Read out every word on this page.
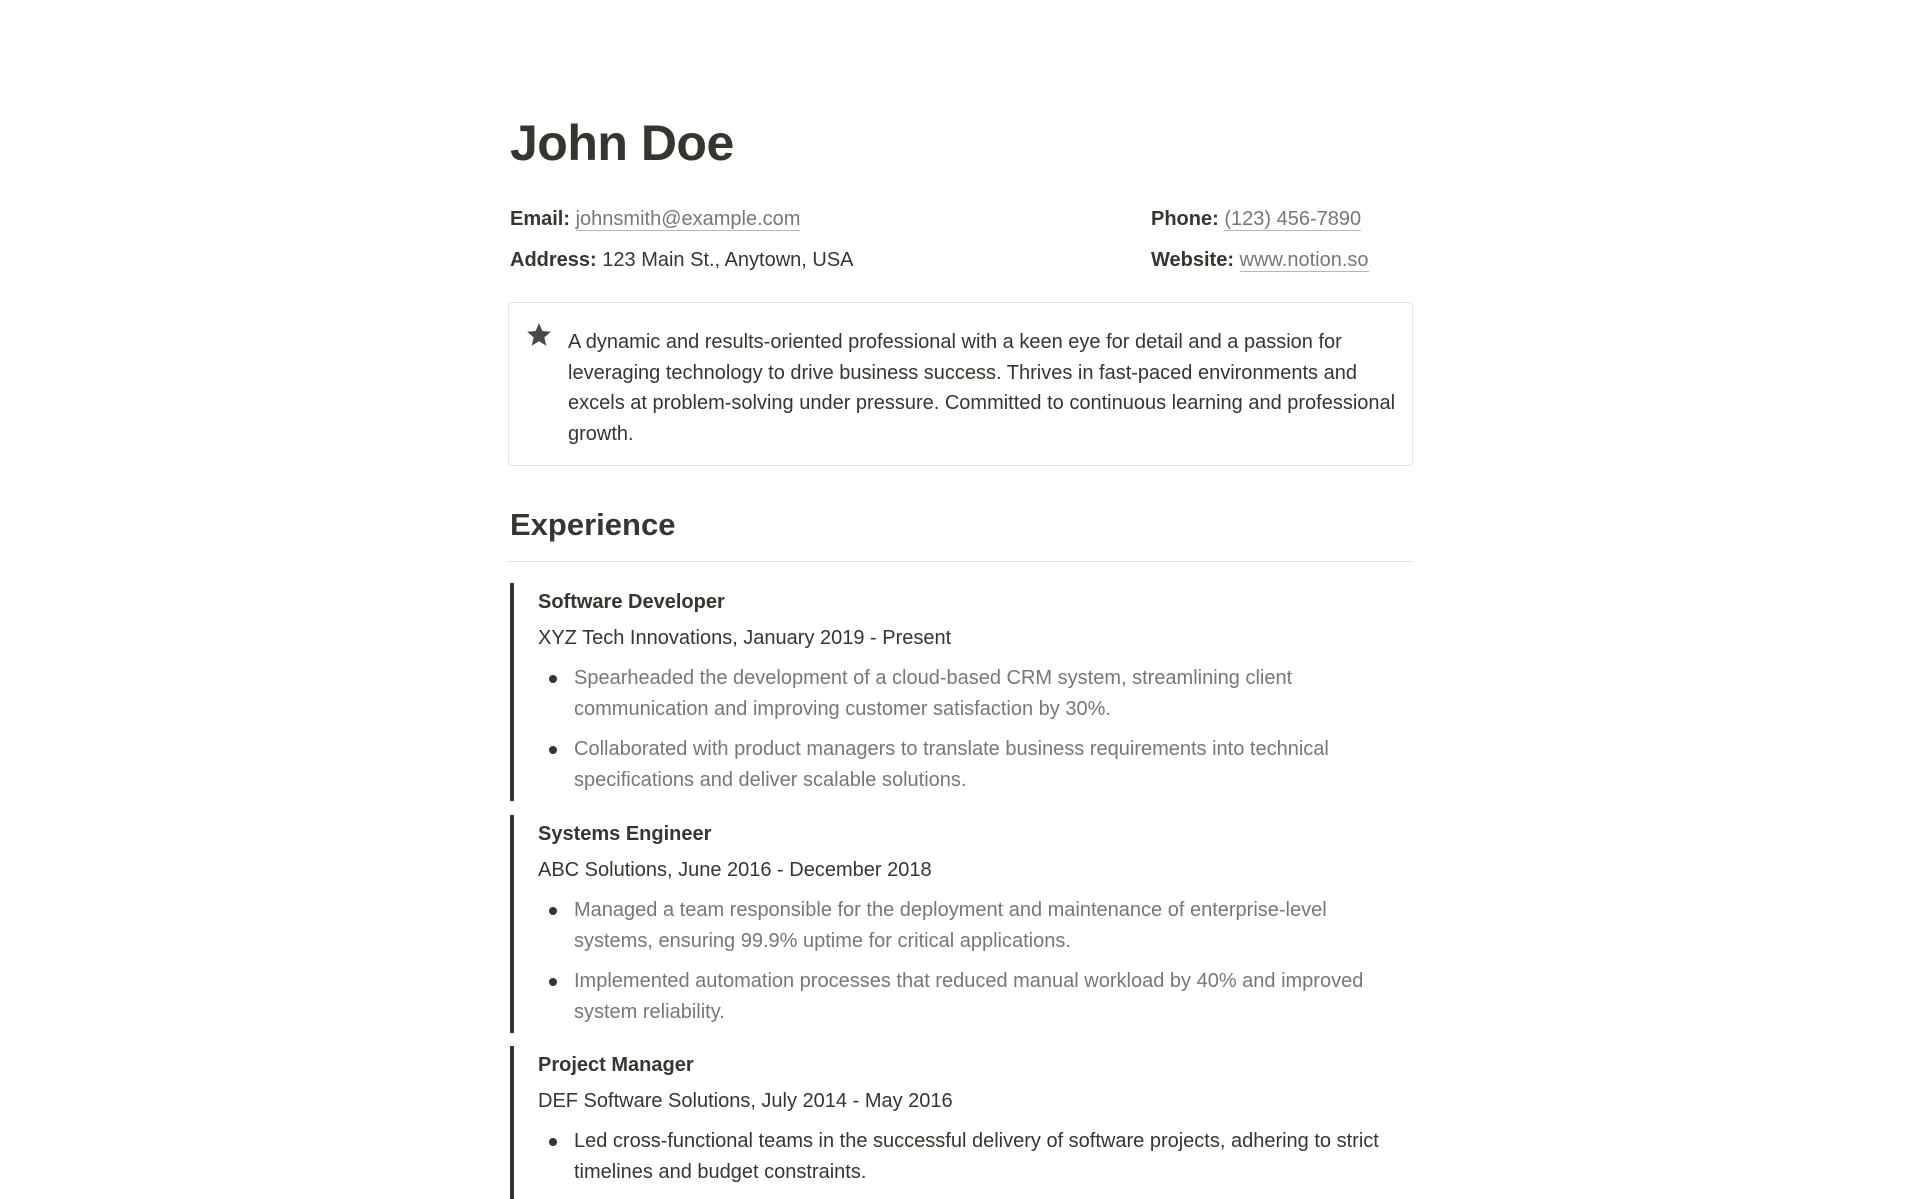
John Doe
Email: johnsmith@example.com	Phone: (123) 456-7890
Address: 123 Main St., Anytown, USA	Website: www.notion.so

A dynamic and results-oriented professional with a keen eye for detail and a passion for leveraging technology to drive business success. Thrives in fast-paced environments and excels at problem-solving under pressure. Committed to continuous learning and professional growth.

Experience
Software Developer
XYZ Tech Innovations, January 2019 - Present
Spearheaded the development of a cloud-based CRM system, streamlining client communication and improving customer satisfaction by 30%.
Collaborated with product managers to translate business requirements into technical specifications and deliver scalable solutions.
Systems Engineer
ABC Solutions, June 2016 - December 2018
Managed a team responsible for the deployment and maintenance of enterprise-level systems, ensuring 99.9% uptime for critical applications.
Implemented automation processes that reduced manual workload by 40% and improved system reliability.
Project Manager
DEF Software Solutions, July 2014 - May 2016
Led cross-functional teams in the successful delivery of software projects, adhering to strict timelines and budget constraints.
